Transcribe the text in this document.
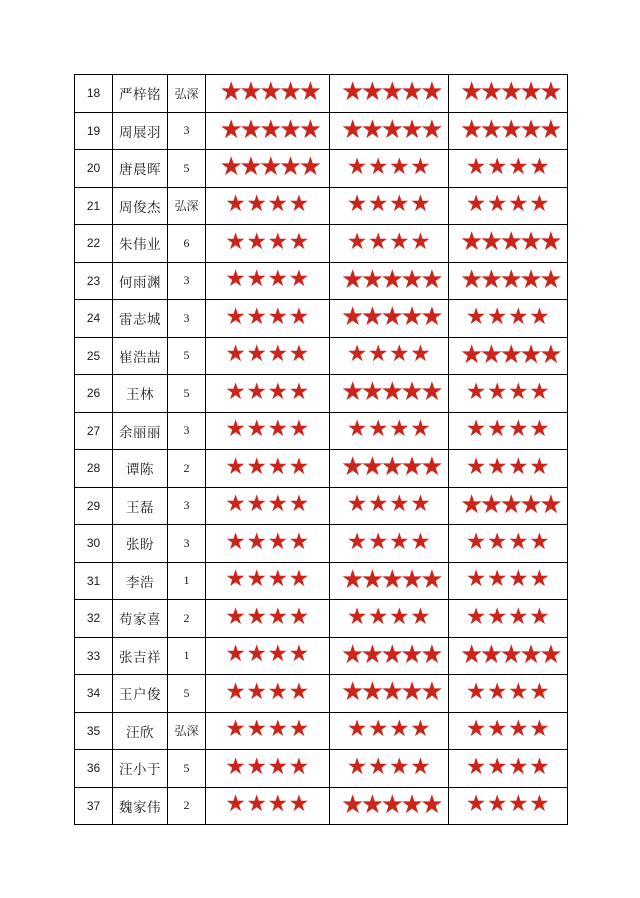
18	严梓铭	弘深	★★★★★	★★★★★	★★★★★
19	周展羽	3	★★★★★	★★★★★	★★★★★
20	唐晨晖	5	★★★★★	★★★★	★★★★
21	周俊杰	弘深	★★★★	★★★★	★★★★
22	朱伟业	6	★★★★	★★★★	★★★★★
23	何雨渊	3	★★★★	★★★★★	★★★★★
24	雷志城	3	★★★★	★★★★★	★★★★
25	崔浩喆	5	★★★★	★★★★	★★★★★
26	王林	5	★★★★	★★★★★	★★★★
27	余丽丽	3	★★★★	★★★★	★★★★
28	谭陈	2	★★★★	★★★★★	★★★★
29	王磊	3	★★★★	★★★★	★★★★★
30	张盼	3	★★★★	★★★★	★★★★
31	李浩	1	★★★★	★★★★★	★★★★
32	苟家喜	2	★★★★	★★★★	★★★★
33	张吉祥	1	★★★★	★★★★★	★★★★★
34	王户俊	5	★★★★	★★★★★	★★★★
35	汪欣	弘深	★★★★	★★★★	★★★★
36	汪小于	5	★★★★	★★★★	★★★★
37	魏家伟	2	★★★★	★★★★★	★★★★
